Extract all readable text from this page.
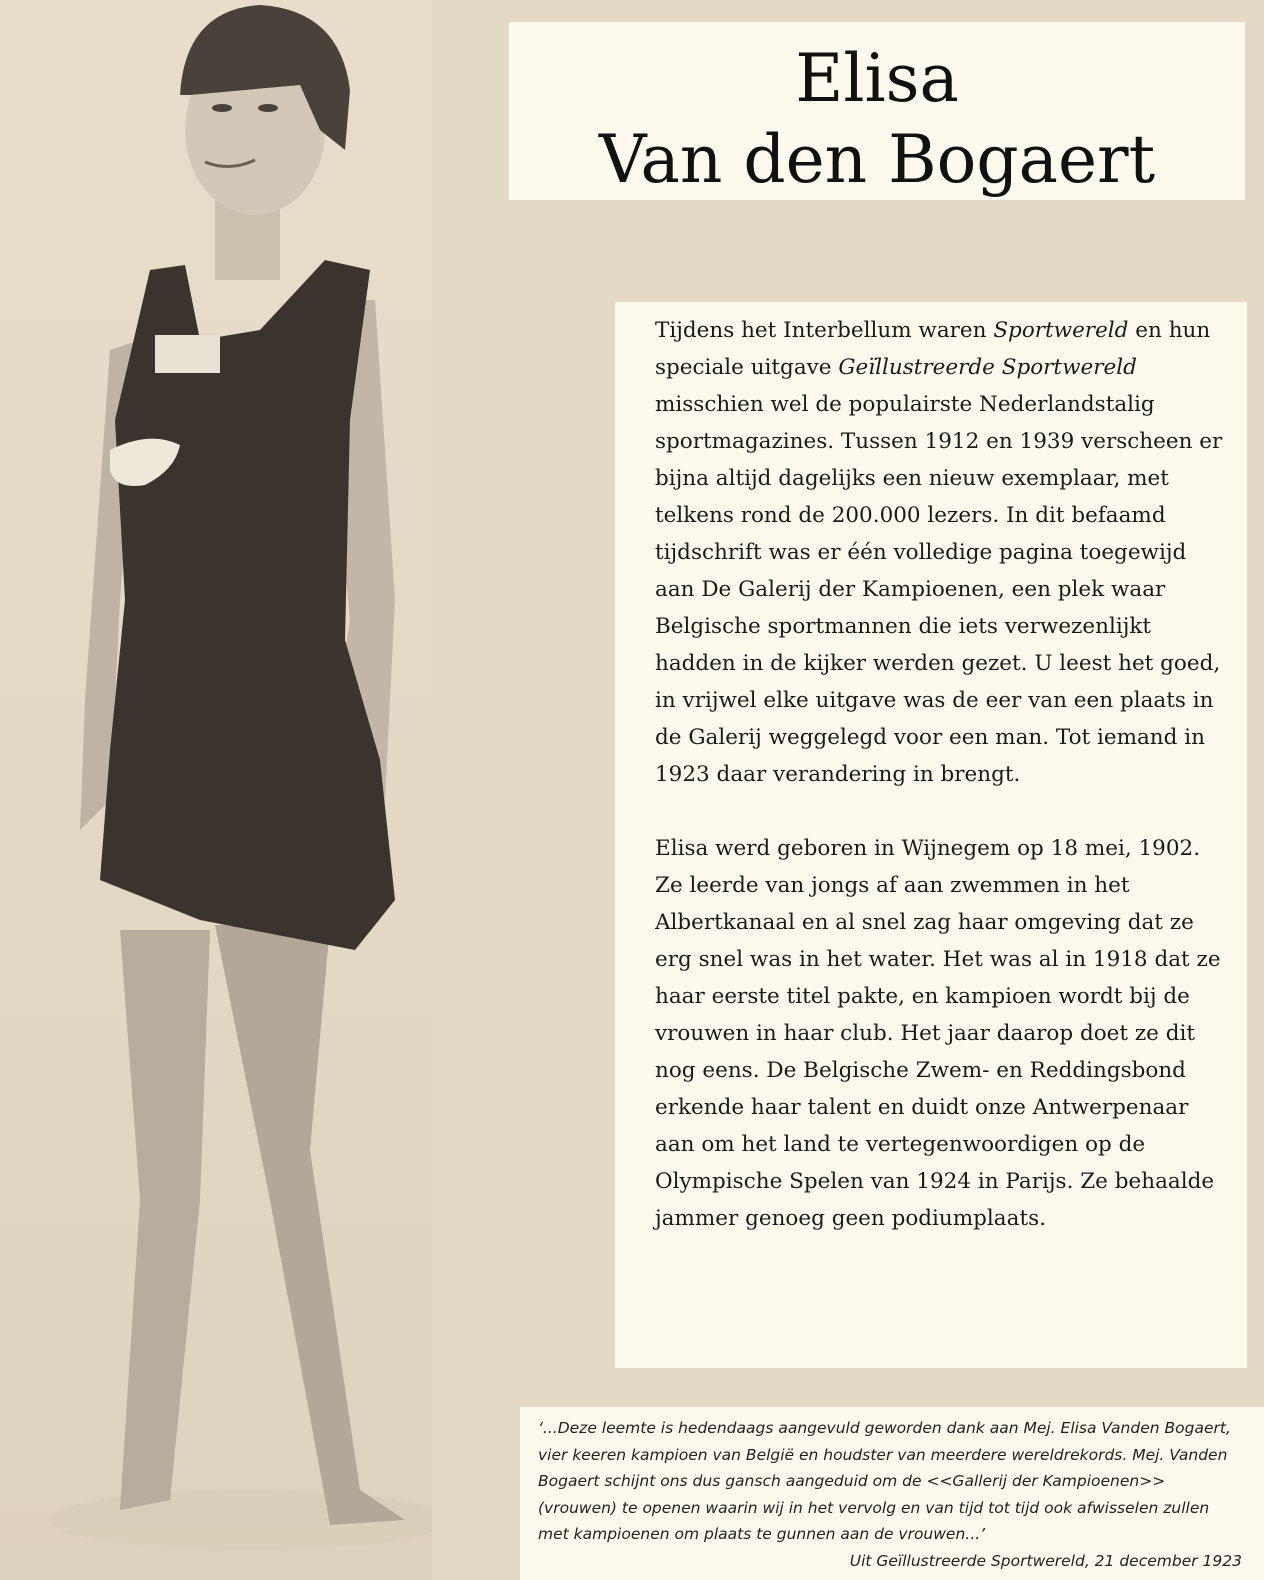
Elisa
Van den Bogaert

Tijdens het Interbellum waren Sportwereld en hun speciale uitgave Geïllustreerde Sportwereld misschien wel de populairste Nederlandstalig sportmagazines. Tussen 1912 en 1939 verscheen er bijna altijd dagelijks een nieuw exemplaar, met telkens rond de 200.000 lezers. In dit befaamd tijdschrift was er één volledige pagina toegewijd aan De Galerij der Kampioenen, een plek waar Belgische sportmannen die iets verwezenlijkt hadden in de kijker werden gezet. U leest het goed, in vrijwel elke uitgave was de eer van een plaats in de Galerij weggelegd voor een man. Tot iemand in 1923 daar verandering in brengt.

Elisa werd geboren in Wijnegem op 18 mei, 1902. Ze leerde van jongs af aan zwemmen in het Albertkanaal en al snel zag haar omgeving dat ze erg snel was in het water. Het was al in 1918 dat ze haar eerste titel pakte, en kampioen wordt bij de vrouwen in haar club. Het jaar daarop doet ze dit nog eens. De Belgische Zwem- en Reddingsbond erkende haar talent en duidt onze Antwerpenaar aan om het land te vertegenwoordigen op de Olympische Spelen van 1924 in Parijs. Ze behaalde jammer genoeg geen podiumplaats.

‘...Deze leemte is hedendaags aangevuld geworden dank aan Mej. Elisa Vanden Bogaert, vier keeren kampioen van België en houdster van meerdere wereldrekords. Mej. Vanden Bogaert schijnt ons dus gansch aangeduid om de <<Gallerij der Kampioenen>> (vrouwen) te openen waarin wij in het vervolg en van tijd tot tijd ook afwisselen zullen met kampioenen om plaats te gunnen aan de vrouwen...’
Uit Geïllustreerde Sportwereld, 21 december 1923
